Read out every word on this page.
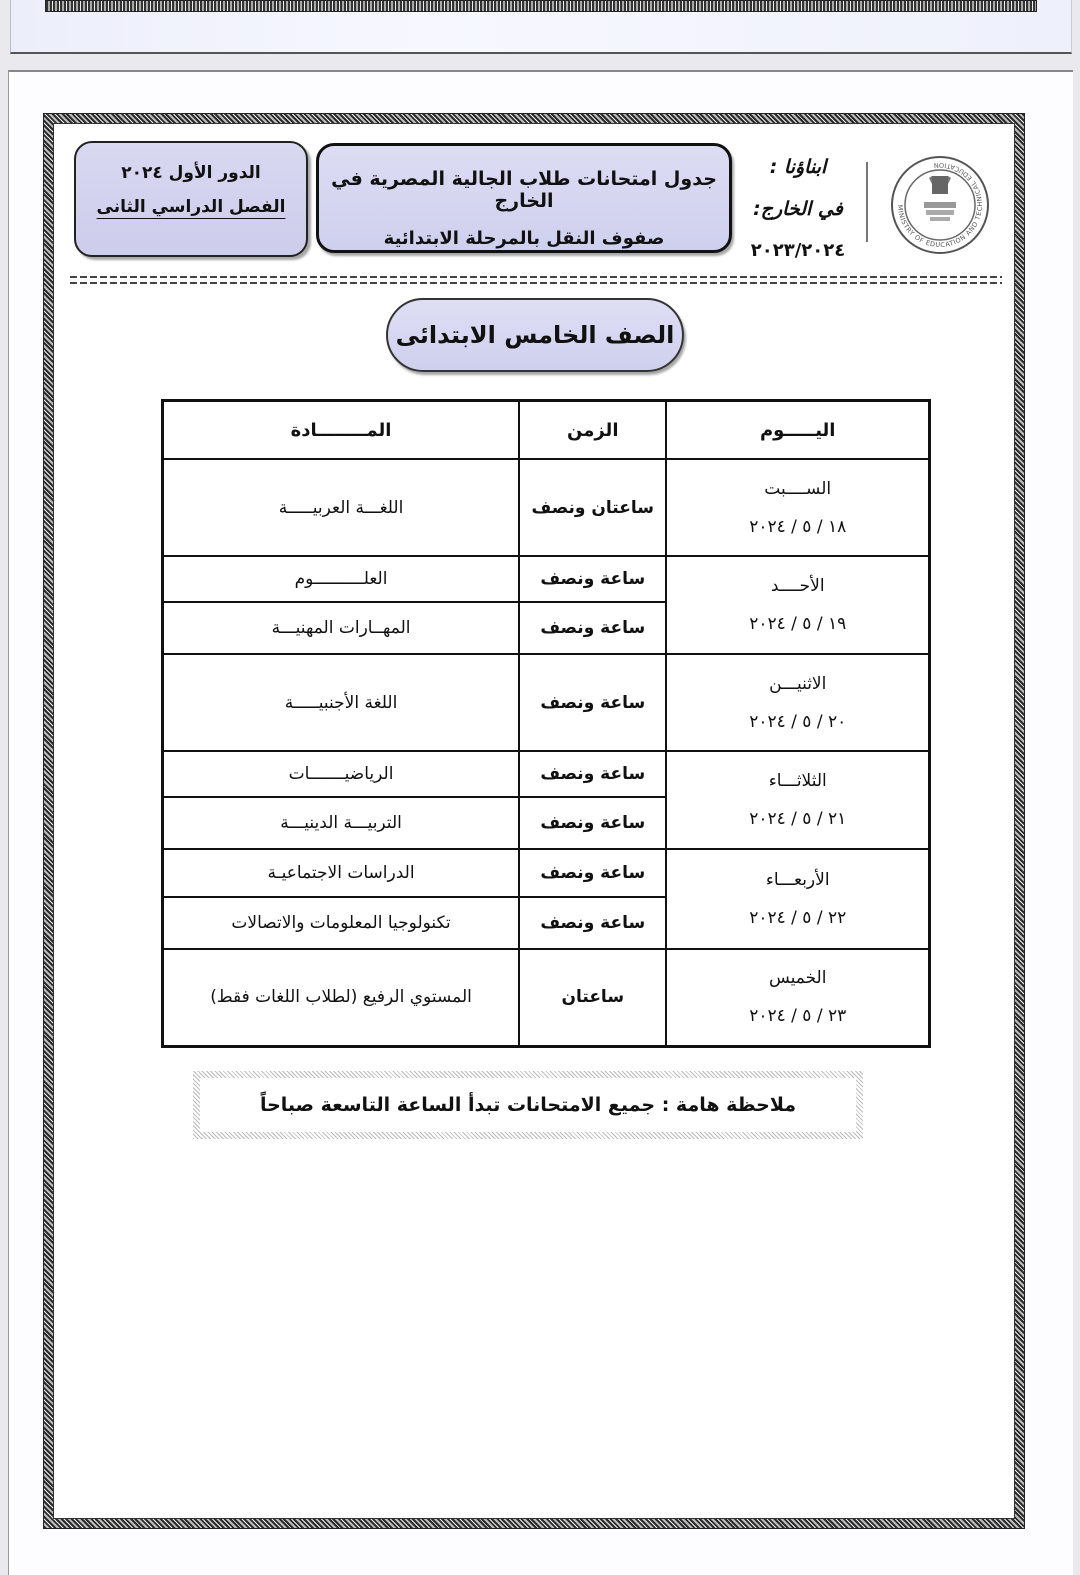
MINISTRY OF EDUCATION AND TECHNICAL EDUCATION
ابناؤنا :
في الخارج:
٢٠٢٣/٢٠٢٤
جدول امتحانات طلاب الجالية المصرية في الخارج
صفوف النقل بالمرحلة الابتدائية
الدور الأول ٢٠٢٤
الفصل الدراسي الثانى
الصف الخامس الابتدائى
اليـــــوم	الزمن	المــــــــادة

الســــبت
١٨ / ٥ / ٢٠٢٤	ساعتان ونصف	اللغـــة العربيـــــة

الأحــــد
١٩ / ٥ / ٢٠٢٤	ساعة ونصف	العلــــــــــوم
	ساعة ونصف	المهــارات المهنيـــة

الاثنيـــن
٢٠ / ٥ / ٢٠٢٤	ساعة ونصف	اللغة الأجنبيـــــة

الثلاثـــاء
٢١ / ٥ / ٢٠٢٤	ساعة ونصف	الرياضيـــــــات
	ساعة ونصف	التربيـــة الدينيـــة

الأربعـــاء
٢٢ / ٥ / ٢٠٢٤	ساعة ونصف	الدراسات الاجتماعيـة
	ساعة ونصف	تكنولوجيا المعلومات والاتصالات

الخميس
٢٣ / ٥ / ٢٠٢٤	ساعتان	المستوي الرفيع (لطلاب اللغات فقط)
ملاحظة هامة : جميع الامتحانات تبدأ الساعة التاسعة صباحاً
